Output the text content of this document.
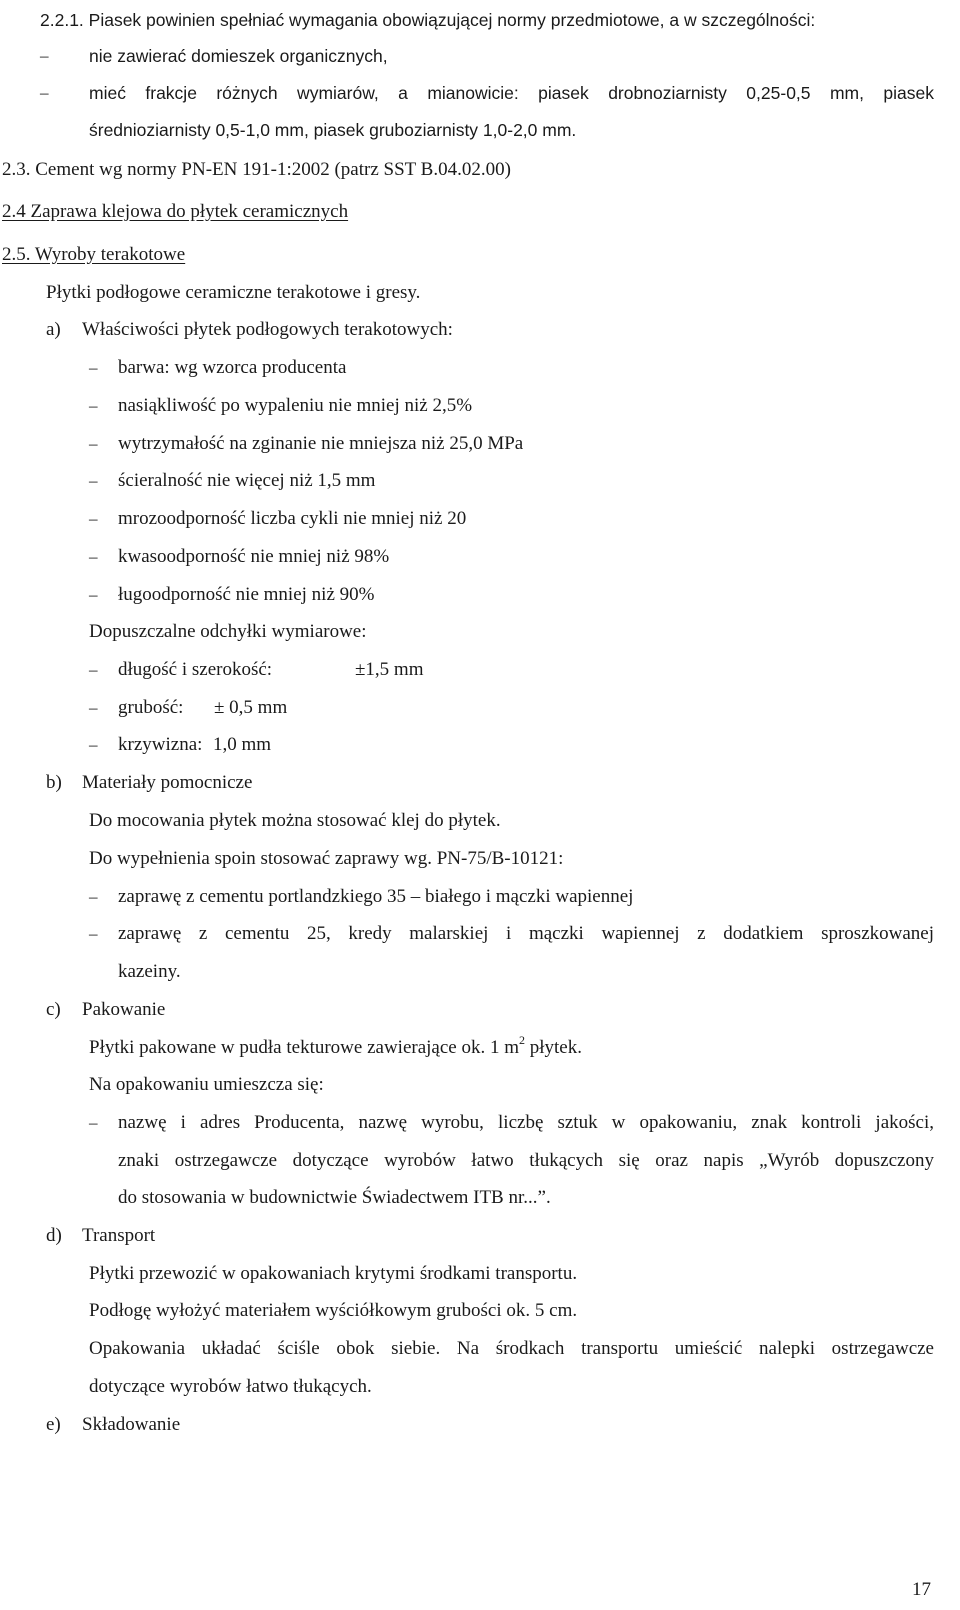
2.2.1. Piasek powinien spełniać wymagania obowiązującej normy przedmiotowe, a w szczególności:

– nie zawierać domieszek organicznych,

– mieć frakcje różnych wymiarów, a mianowicie: piasek drobnoziarnisty 0,25-0,5 mm, piasek

średnioziarnisty 0,5-1,0 mm, piasek gruboziarnisty 1,0-2,0 mm.

2.3. Cement wg normy PN-EN 191-1:2002 (patrz SST B.04.02.00)

2.4 Zaprawa klejowa do płytek ceramicznych

2.5. Wyroby terakotowe

Płytki podłogowe ceramiczne terakotowe i gresy.

a) Właściwości płytek podłogowych terakotowych:

– barwa: wg wzorca producenta

– nasiąkliwość po wypaleniu nie mniej niż 2,5%

– wytrzymałość na zginanie nie mniejsza niż 25,0 MPa

– ścieralność nie więcej niż 1,5 mm

– mrozoodporność liczba cykli nie mniej niż 20

– kwasoodporność nie mniej niż 98%

– ługoodporność nie mniej niż 90%

Dopuszczalne odchyłki wymiarowe:

– długość i szerokość:	±1,5 mm

– grubość: ± 0,5 mm

– krzywizna: 1,0 mm

b) Materiały pomocnicze

Do mocowania płytek można stosować klej do płytek.

Do wypełnienia spoin stosować zaprawy wg. PN-75/B-10121:

– zaprawę z cementu portlandzkiego 35 – białego i mączki wapiennej

– zaprawę z cementu 25, kredy malarskiej i mączki wapiennej z dodatkiem sproszkowanej

kazeiny.

c) Pakowanie

Płytki pakowane w pudła tekturowe zawierające ok. 1 $m^2$ płytek.

Na opakowaniu umieszcza się:

– nazwę i adres Producenta, nazwę wyrobu, liczbę sztuk w opakowaniu, znak kontroli jakości,

znaki ostrzegawcze dotyczące wyrobów łatwo tłukących się oraz napis „Wyrób dopuszczony

do stosowania w budownictwie Świadectwem ITB nr...”.

d) Transport

Płytki przewozić w opakowaniach krytymi środkami transportu.

Podłogę wyłożyć materiałem wyściółkowym grubości ok. 5 cm.

Opakowania układać ściśle obok siebie. Na środkach transportu umieścić nalepki ostrzegawcze

dotyczące wyrobów łatwo tłukących.

e) Składowanie

17
